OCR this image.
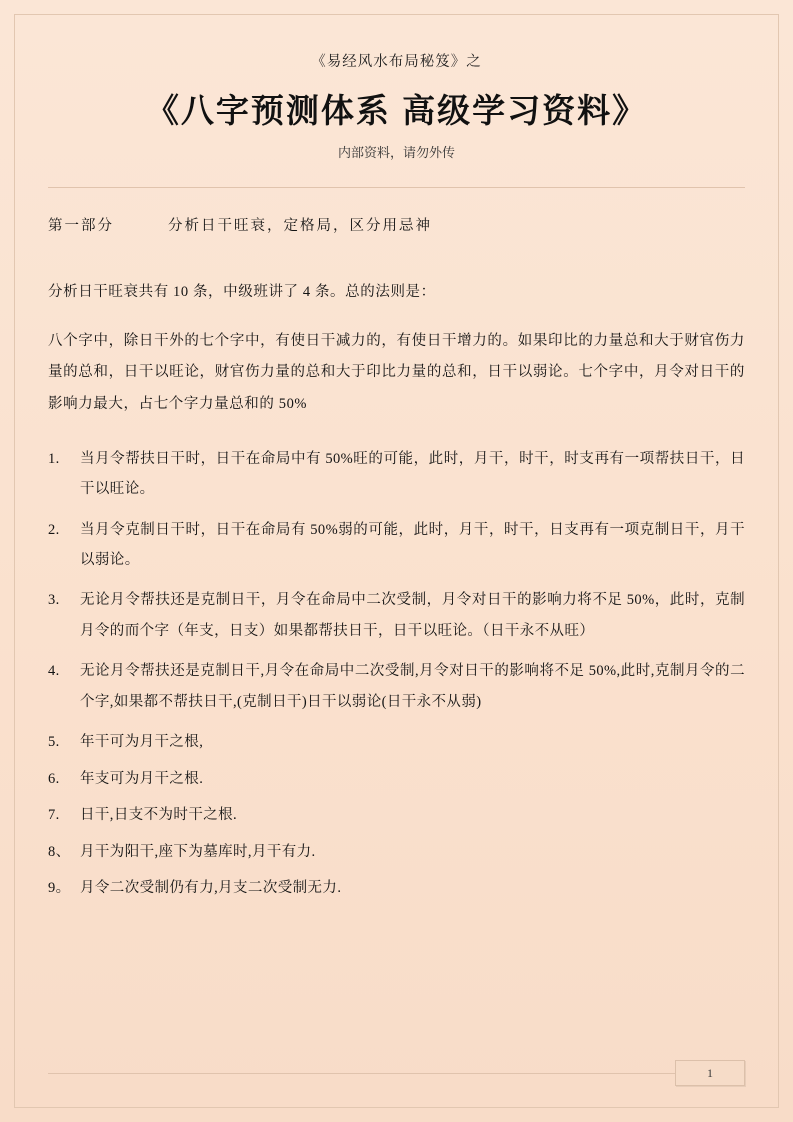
《易经风水布局秘笈》之
《八字预测体系 高级学习资料》
内部资料，请勿外传
第一部分	分析日干旺衰，定格局，区分用忌神

分析日干旺衰共有 10 条，中级班讲了 4 条。总的法则是：

八个字中，除日干外的七个字中，有使日干减力的，有使日干增力的。如果印比的力量总和大于财官伤力量的总和，日干以旺论，财官伤力量的总和大于印比力量的总和，日干以弱论。七个字中，月令对日干的影响力最大，占七个字力量总和的 50%

1.	当月令帮扶日干时，日干在命局中有 50%旺的可能，此时，月干，时干，时支再有一项帮扶日干，日干以旺论。
2.	当月令克制日干时，日干在命局有 50%弱的可能，此时，月干，时干，日支再有一项克制日干，月干以弱论。
3.	无论月令帮扶还是克制日干，月令在命局中二次受制，月令对日干的影响力将不足 50%，此时，克制月令的而个字（年支，日支）如果都帮扶日干，日干以旺论。（日干永不从旺）
4.	无论月令帮扶还是克制日干,月令在命局中二次受制,月令对日干的影响将不足 50%,此时,克制月令的二个字,如果都不帮扶日干,(克制日干)日干以弱论(日干永不从弱)
5.	年干可为月干之根,
6.	年支可为月干之根.
7.	日干,日支不为时干之根.
8、 月干为阳干,座下为墓库时,月干有力.
9。 月令二次受制仍有力,月支二次受制无力.
1
